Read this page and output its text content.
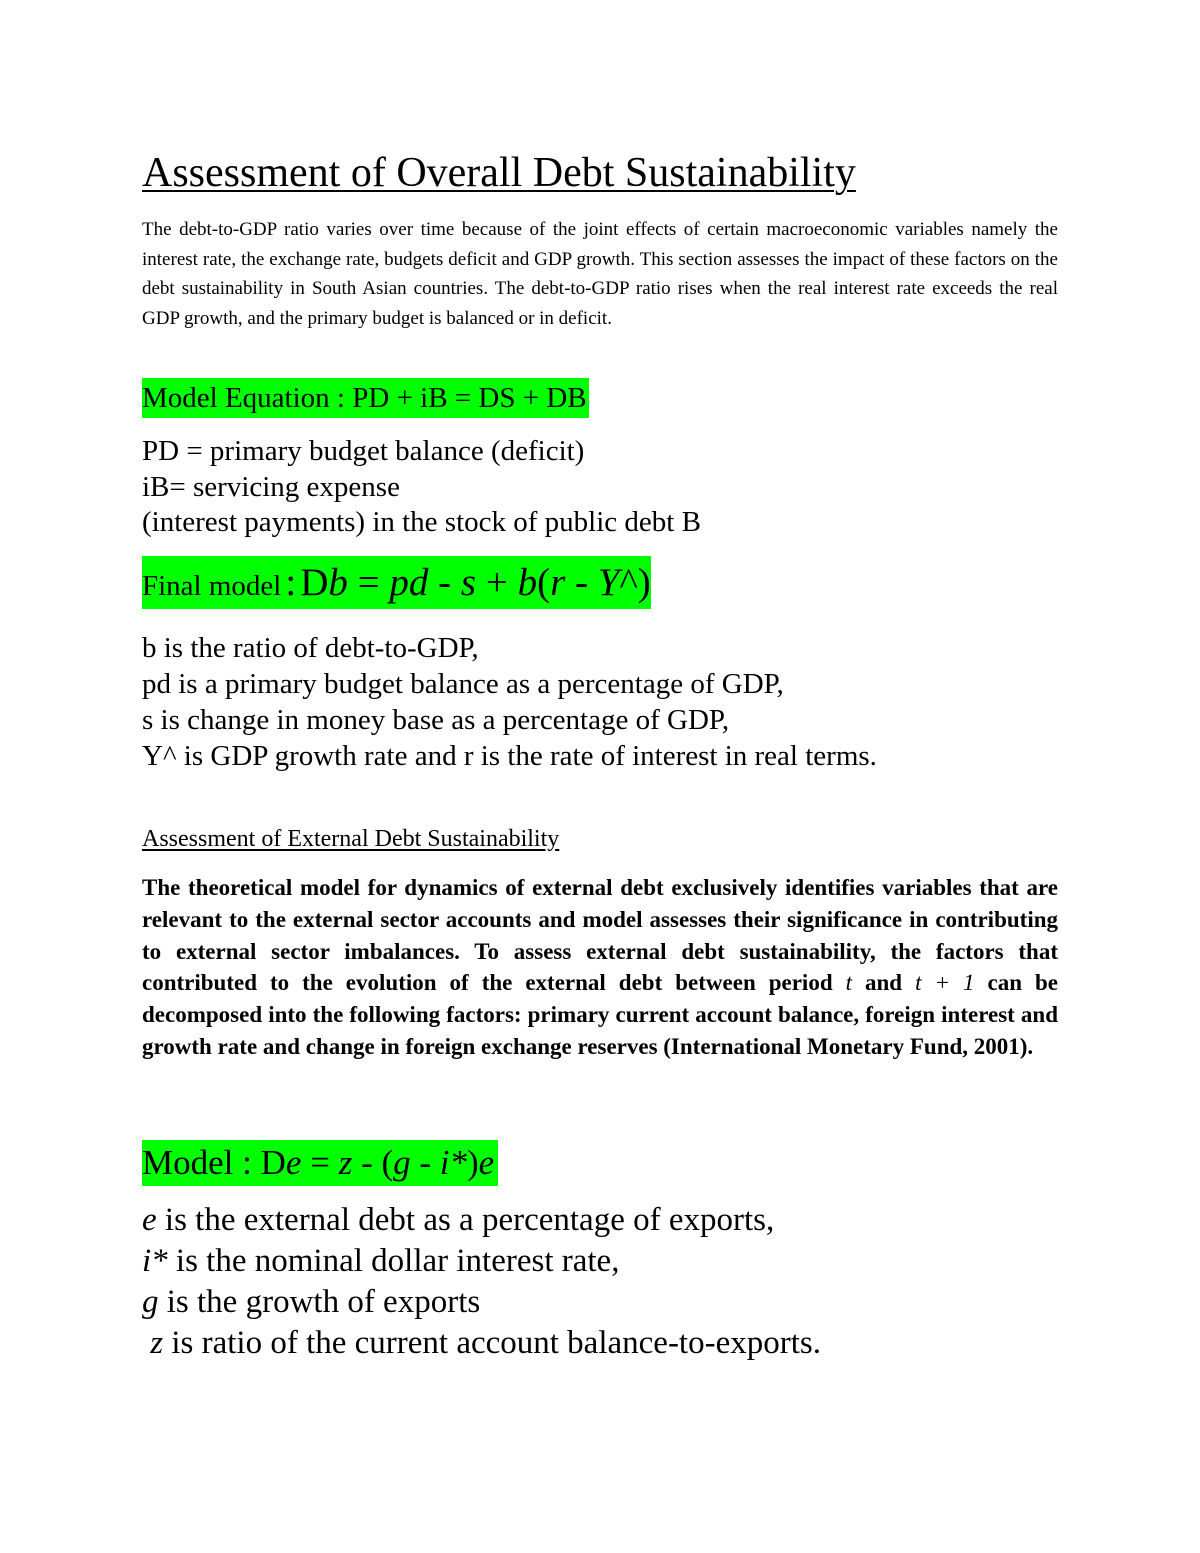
Assessment of Overall Debt Sustainability
The debt-to-GDP ratio varies over time because of the joint effects of certain macroeconomic variables namely the interest rate, the exchange rate, budgets deficit and GDP growth. This section assesses the impact of these factors on the debt sustainability in South Asian countries. The debt-to-GDP ratio rises when the real interest rate exceeds the real GDP growth, and the primary budget is balanced or in deficit.
Model Equation : PD + iB = DS + DB
PD = primary budget balance (deficit)
iB= servicing expense
(interest payments) in the stock of public debt B
Final model : Db = pd - s + b(r - Y^)
b is the ratio of debt-to-GDP,
pd is a primary budget balance as a percentage of GDP,
s is change in money base as a percentage of GDP,
Y^ is GDP growth rate and r is the rate of interest in real terms.
Assessment of External Debt Sustainability
The theoretical model for dynamics of external debt exclusively identifies variables that are relevant to the external sector accounts and model assesses their significance in contributing to external sector imbalances. To assess external debt sustainability, the factors that contributed to the evolution of the external debt between period t and t + 1 can be decomposed into the following factors: primary current account balance, foreign interest and growth rate and change in foreign exchange reserves (International Monetary Fund, 2001).
Model : De = z - (g - i*)e
e is the external debt as a percentage of exports,
i* is the nominal dollar interest rate,
g is the growth of exports
z is ratio of the current account balance-to-exports.
